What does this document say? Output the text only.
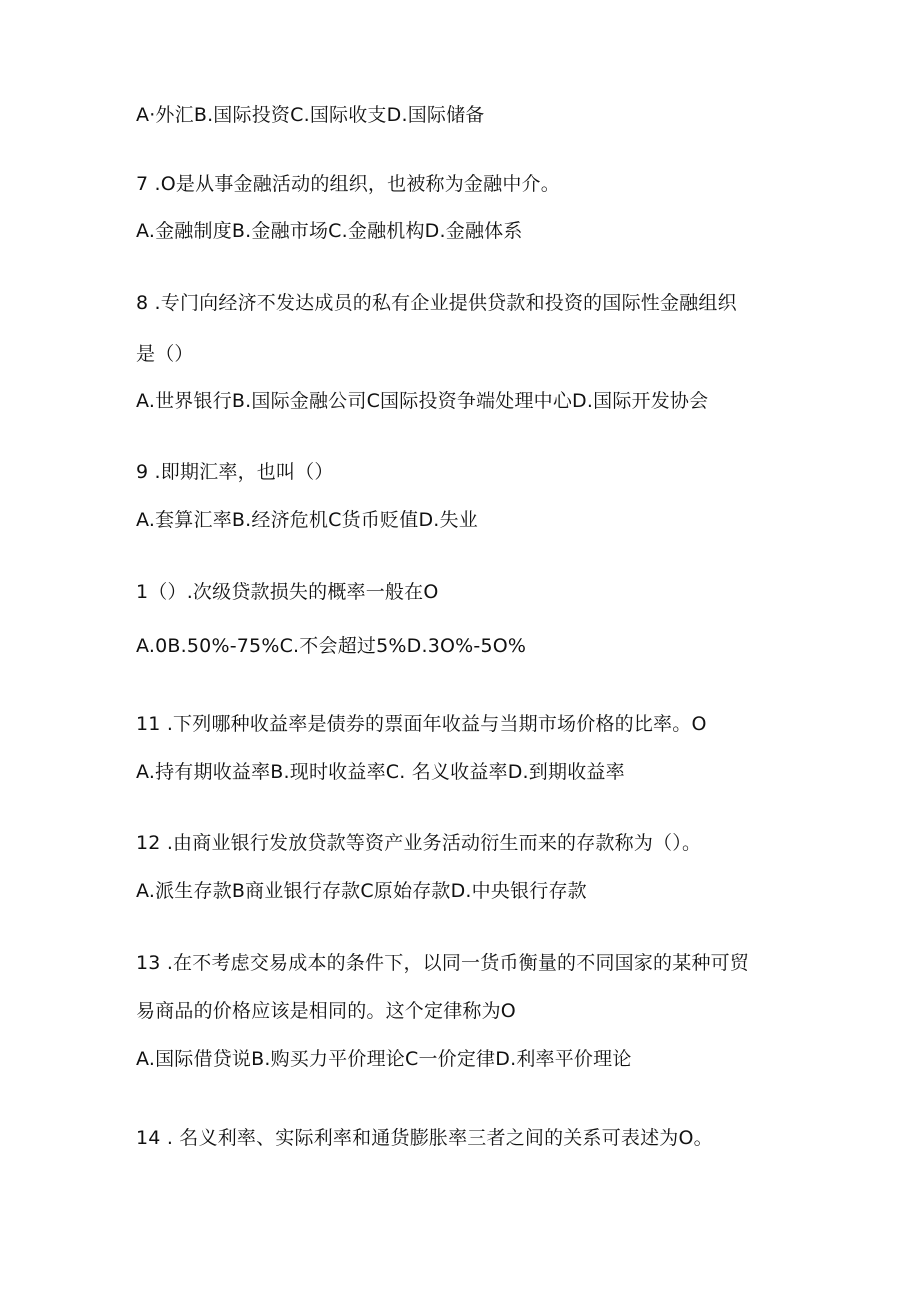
A·外汇B.国际投资C.国际收支D.国际储备
7 .O是从事金融活动的组织，也被称为金融中介。
A.金融制度B.金融市场C.金融机构D.金融体系
8 .专门向经济不发达成员的私有企业提供贷款和投资的国际性金融组织
是（）
A.世界银行B.国际金融公司C国际投资争端处理中心D.国际开发协会
9 .即期汇率，也叫（）
A.套算汇率B.经济危机C货币贬值D.失业
1（）.次级贷款损失的概率一般在O
A.0B.50%-75%C.不会超过5%D.3O%-5O%
11 .下列哪种收益率是债券的票面年收益与当期市场价格的比率。O
A.持有期收益率B.现时收益率C. 名义收益率D.到期收益率
12 .由商业银行发放贷款等资产业务活动衍生而来的存款称为（）。
A.派生存款B商业银行存款C原始存款D.中央银行存款
13 .在不考虑交易成本的条件下，以同一货币衡量的不同国家的某种可贸
易商品的价格应该是相同的。这个定律称为O
A.国际借贷说B.购买力平价理论C一价定律D.利率平价理论
14 . 名义利率、实际利率和通货膨胀率三者之间的关系可表述为O。
